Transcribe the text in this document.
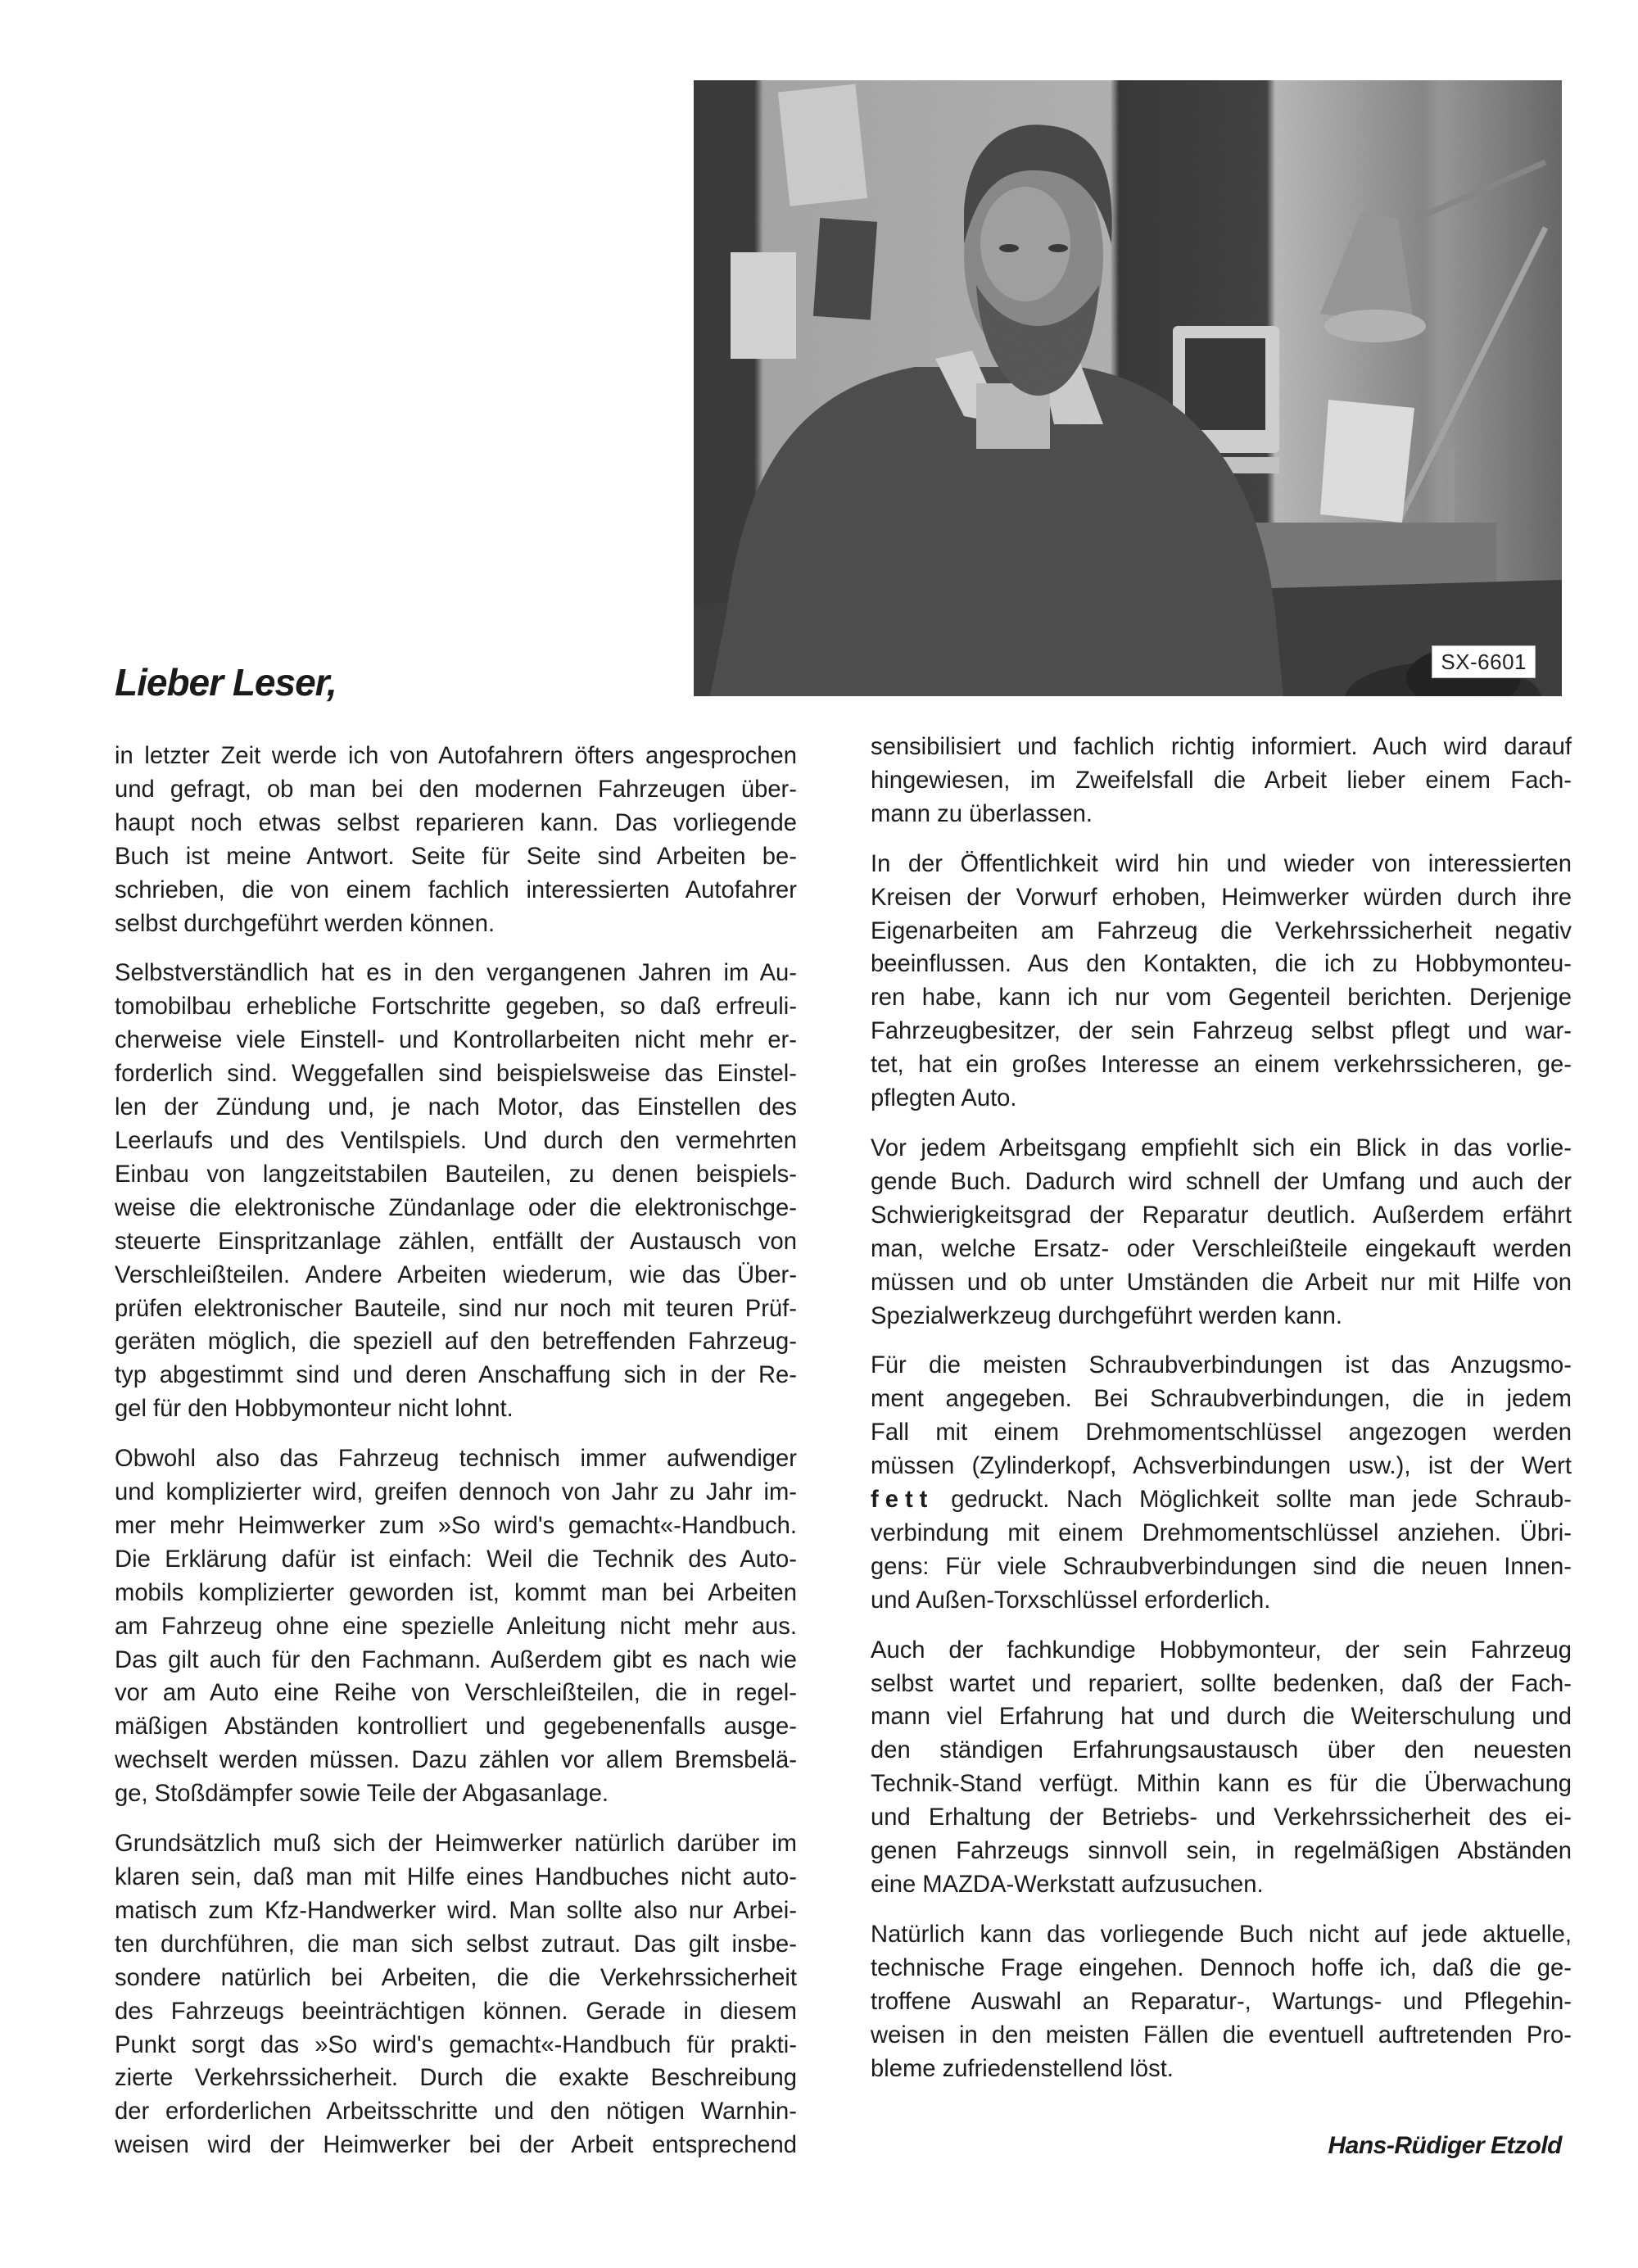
SX-6601
Lieber Leser,

in letzter Zeit werde ich von Autofahrern öfters angesprochen
und gefragt, ob man bei den modernen Fahrzeugen über-
haupt noch etwas selbst reparieren kann. Das vorliegende
Buch ist meine Antwort. Seite für Seite sind Arbeiten be-
schrieben, die von einem fachlich interessierten Autofahrer
selbst durchgeführt werden können.

Selbstverständlich hat es in den vergangenen Jahren im Au-
tomobilbau erhebliche Fortschritte gegeben, so daß erfreuli-
cherweise viele Einstell- und Kontrollarbeiten nicht mehr er-
forderlich sind. Weggefallen sind beispielsweise das Einstel-
len der Zündung und, je nach Motor, das Einstellen des
Leerlaufs und des Ventilspiels. Und durch den vermehrten
Einbau von langzeitstabilen Bauteilen, zu denen beispiels-
weise die elektronische Zündanlage oder die elektronischge-
steuerte Einspritzanlage zählen, entfällt der Austausch von
Verschleißteilen. Andere Arbeiten wiederum, wie das Über-
prüfen elektronischer Bauteile, sind nur noch mit teuren Prüf-
geräten möglich, die speziell auf den betreffenden Fahrzeug-
typ abgestimmt sind und deren Anschaffung sich in der Re-
gel für den Hobbymonteur nicht lohnt.

Obwohl also das Fahrzeug technisch immer aufwendiger
und komplizierter wird, greifen dennoch von Jahr zu Jahr im-
mer mehr Heimwerker zum »So wird's gemacht«-Handbuch.
Die Erklärung dafür ist einfach: Weil die Technik des Auto-
mobils komplizierter geworden ist, kommt man bei Arbeiten
am Fahrzeug ohne eine spezielle Anleitung nicht mehr aus.
Das gilt auch für den Fachmann. Außerdem gibt es nach wie
vor am Auto eine Reihe von Verschleißteilen, die in regel-
mäßigen Abständen kontrolliert und gegebenenfalls ausge-
wechselt werden müssen. Dazu zählen vor allem Bremsbelä-
ge, Stoßdämpfer sowie Teile der Abgasanlage.

Grundsätzlich muß sich der Heimwerker natürlich darüber im
klaren sein, daß man mit Hilfe eines Handbuches nicht auto-
matisch zum Kfz-Handwerker wird. Man sollte also nur Arbei-
ten durchführen, die man sich selbst zutraut. Das gilt insbe-
sondere natürlich bei Arbeiten, die die Verkehrssicherheit
des Fahrzeugs beeinträchtigen können. Gerade in diesem
Punkt sorgt das »So wird's gemacht«-Handbuch für prakti-
zierte Verkehrssicherheit. Durch die exakte Beschreibung
der erforderlichen Arbeitsschritte und den nötigen Warnhin-
weisen wird der Heimwerker bei der Arbeit entsprechend

sensibilisiert und fachlich richtig informiert. Auch wird darauf
hingewiesen, im Zweifelsfall die Arbeit lieber einem Fach-
mann zu überlassen.

In der Öffentlichkeit wird hin und wieder von interessierten
Kreisen der Vorwurf erhoben, Heimwerker würden durch ihre
Eigenarbeiten am Fahrzeug die Verkehrssicherheit negativ
beeinflussen. Aus den Kontakten, die ich zu Hobbymonteu-
ren habe, kann ich nur vom Gegenteil berichten. Derjenige
Fahrzeugbesitzer, der sein Fahrzeug selbst pflegt und war-
tet, hat ein großes Interesse an einem verkehrssicheren, ge-
pflegten Auto.

Vor jedem Arbeitsgang empfiehlt sich ein Blick in das vorlie-
gende Buch. Dadurch wird schnell der Umfang und auch der
Schwierigkeitsgrad der Reparatur deutlich. Außerdem erfährt
man, welche Ersatz- oder Verschleißteile eingekauft werden
müssen und ob unter Umständen die Arbeit nur mit Hilfe von
Spezialwerkzeug durchgeführt werden kann.

Für die meisten Schraubverbindungen ist das Anzugsmo-
ment angegeben. Bei Schraubverbindungen, die in jedem
Fall mit einem Drehmomentschlüssel angezogen werden
müssen (Zylinderkopf, Achsverbindungen usw.), ist der Wert
fett gedruckt. Nach Möglichkeit sollte man jede Schraub-
verbindung mit einem Drehmomentschlüssel anziehen. Übri-
gens: Für viele Schraubverbindungen sind die neuen Innen-
und Außen-Torxschlüssel erforderlich.

Auch der fachkundige Hobbymonteur, der sein Fahrzeug
selbst wartet und repariert, sollte bedenken, daß der Fach-
mann viel Erfahrung hat und durch die Weiterschulung und
den ständigen Erfahrungsaustausch über den neuesten
Technik-Stand verfügt. Mithin kann es für die Überwachung
und Erhaltung der Betriebs- und Verkehrssicherheit des ei-
genen Fahrzeugs sinnvoll sein, in regelmäßigen Abständen
eine MAZDA-Werkstatt aufzusuchen.

Natürlich kann das vorliegende Buch nicht auf jede aktuelle,
technische Frage eingehen. Dennoch hoffe ich, daß die ge-
troffene Auswahl an Reparatur-, Wartungs- und Pflegehin-
weisen in den meisten Fällen die eventuell auftretenden Pro-
bleme zufriedenstellend löst.

Hans-Rüdiger Etzold
